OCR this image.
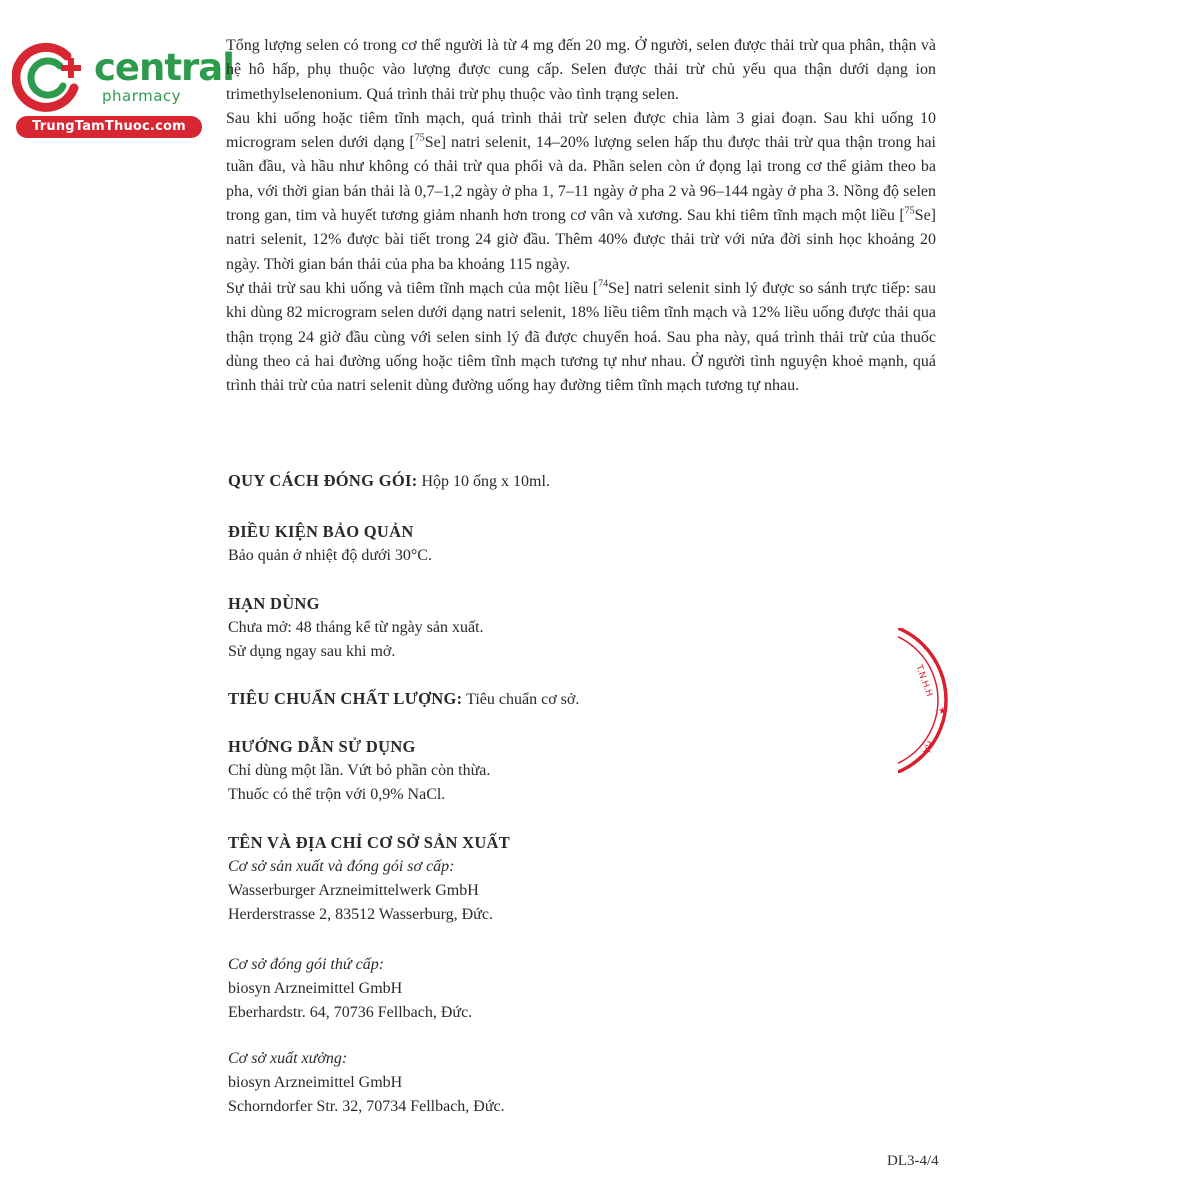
central
pharmacy
TrungTamThuoc.com

Tổng lượng selen có trong cơ thể người là từ 4 mg đến 20 mg. Ở người, selen được thải trừ qua phân, thận và hệ hô hấp, phụ thuộc vào lượng được cung cấp. Selen được thải trừ chủ yếu qua thận dưới dạng ion trimethylselenonium. Quá trình thải trừ phụ thuộc vào tình trạng selen.

Sau khi uống hoặc tiêm tĩnh mạch, quá trình thải trừ selen được chia làm 3 giai đoạn. Sau khi uống 10 microgram selen dưới dạng [$^{75}$Se] natri selenit, 14–20% lượng selen hấp thu được thải trừ qua thận trong hai tuần đầu, và hầu như không có thải trừ qua phổi và da. Phần selen còn ứ đọng lại trong cơ thể giảm theo ba pha, với thời gian bán thải là 0,7–1,2 ngày ở pha 1, 7–11 ngày ở pha 2 và 96–144 ngày ở pha 3. Nồng độ selen trong gan, tim và huyết tương giảm nhanh hơn trong cơ vân và xương. Sau khi tiêm tĩnh mạch một liều [$^{75}$Se] natri selenit, 12% được bài tiết trong 24 giờ đầu. Thêm 40% được thải trừ với nửa đời sinh học khoảng 20 ngày. Thời gian bán thải của pha ba khoảng 115 ngày.

Sự thải trừ sau khi uống và tiêm tĩnh mạch của một liều [$^{74}$Se] natri selenit sinh lý được so sánh trực tiếp: sau khi dùng 82 microgram selen dưới dạng natri selenit, 18% liều tiêm tĩnh mạch và 12% liều uống được thải qua thận trọng 24 giờ đầu cùng với selen sinh lý đã được chuyển hoá. Sau pha này, quá trình thải trừ của thuốc dùng theo cả hai đường uống hoặc tiêm tĩnh mạch tương tự như nhau. Ở người tình nguyện khoẻ mạnh, quá trình thải trừ của natri selenit dùng đường uống hay đường tiêm tĩnh mạch tương tự nhau.

QUY CÁCH ĐÓNG GÓI: Hộp 10 ống x 10ml.
ĐIỀU KIỆN BẢO QUẢN
Bảo quản ở nhiệt độ dưới 30°C.
HẠN DÙNG
Chưa mở: 48 tháng kể từ ngày sản xuất.
Sử dụng ngay sau khi mở.
TIÊU CHUẨN CHẤT LƯỢNG: Tiêu chuẩn cơ sở.
HƯỚNG DẪN SỬ DỤNG
Chỉ dùng một lần. Vứt bỏ phần còn thừa.
Thuốc có thể trộn với 0,9% NaCl.
TÊN VÀ ĐỊA CHỈ CƠ SỞ SẢN XUẤT
Cơ sở sản xuất và đóng gói sơ cấp:
Wasserburger Arzneimittelwerk GmbH
Herderstrasse 2, 83512 Wasserburg, Đức.
Cơ sở đóng gói thứ cấp:
biosyn Arzneimittel GmbH
Eberhardstr. 64, 70736 Fellbach, Đức.
Cơ sở xuất xưởng:
biosyn Arzneimittel GmbH
Schorndorfer Str. 32, 70734 Fellbach, Đức.
T.N.H.H
★
HÀ
DL3-4/4
